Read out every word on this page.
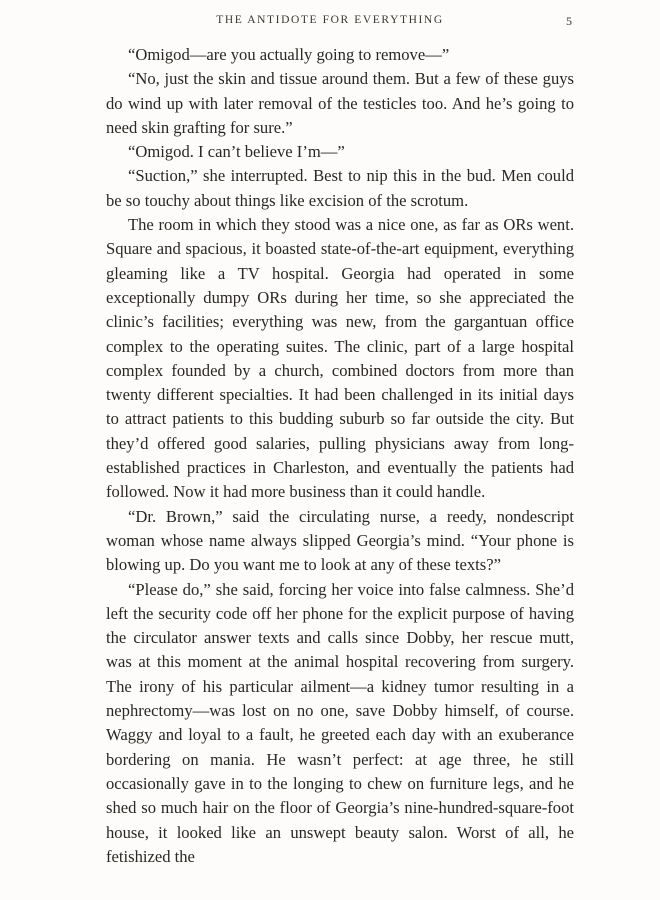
THE ANTIDOTE FOR EVERYTHING	5

“Omigod—are you actually going to remove—”

“No, just the skin and tissue around them. But a few of these guys do wind up with later removal of the testicles too. And he’s going to need skin grafting for sure.”

“Omigod. I can’t believe I’m—”

“Suction,” she interrupted. Best to nip this in the bud. Men could be so touchy about things like excision of the scrotum.

The room in which they stood was a nice one, as far as ORs went. Square and spacious, it boasted state-of-the-art equipment, everything gleaming like a TV hospital. Georgia had operated in some exceptionally dumpy ORs during her time, so she appreciated the clinic’s facilities; everything was new, from the gargantuan office complex to the operating suites. The clinic, part of a large hospital complex founded by a church, combined doctors from more than twenty different specialties. It had been challenged in its initial days to attract patients to this budding suburb so far outside the city. But they’d offered good salaries, pulling physicians away from long-established practices in Charleston, and eventually the patients had followed. Now it had more business than it could handle.

“Dr. Brown,” said the circulating nurse, a reedy, nondescript woman whose name always slipped Georgia’s mind. “Your phone is blowing up. Do you want me to look at any of these texts?”

“Please do,” she said, forcing her voice into false calmness. She’d left the security code off her phone for the explicit purpose of having the circulator answer texts and calls since Dobby, her rescue mutt, was at this moment at the animal hospital recovering from surgery. The irony of his particular ailment—a kidney tumor resulting in a nephrectomy—was lost on no one, save Dobby himself, of course. Waggy and loyal to a fault, he greeted each day with an exuberance bordering on mania. He wasn’t perfect: at age three, he still occasionally gave in to the longing to chew on furniture legs, and he shed so much hair on the floor of Georgia’s nine-hundred-square-foot house, it looked like an unswept beauty salon. Worst of all, he fetishized the
